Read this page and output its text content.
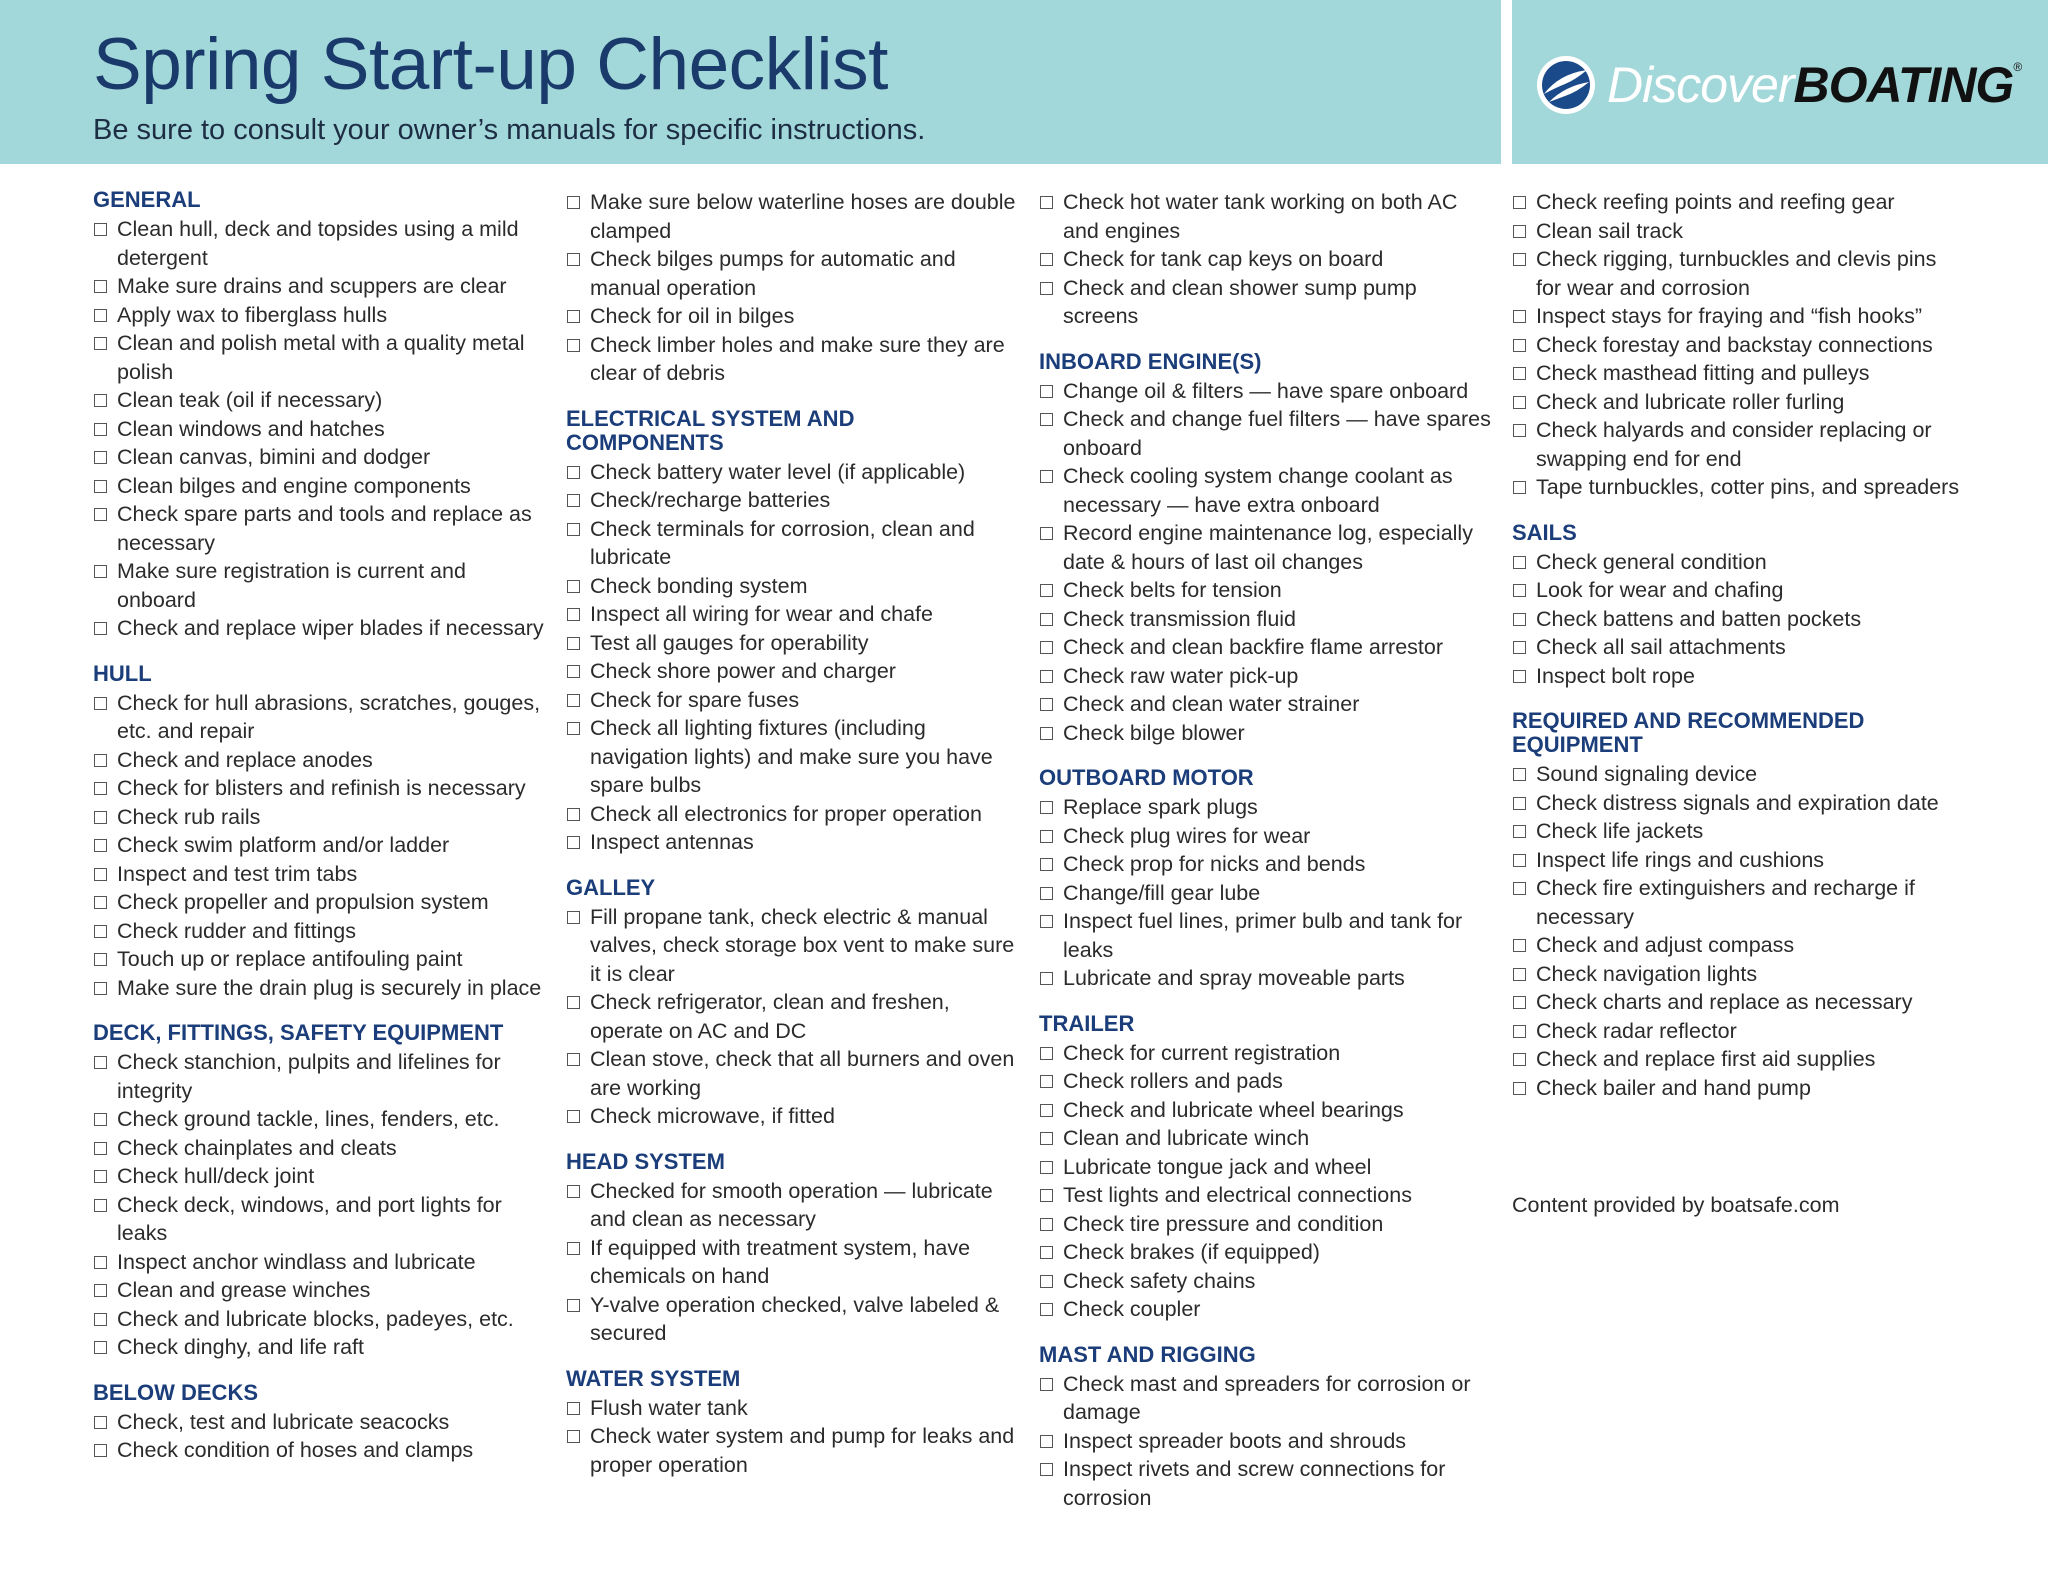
Spring Start-up Checklist

Be sure to consult your owner’s manuals for specific instructions.

Discover BOATING ®
GENERAL
Clean hull, deck and topsides using a mild detergent
Make sure drains and scuppers are clear
Apply wax to fiberglass hulls
Clean and polish metal with a quality metal polish
Clean teak (oil if necessary)
Clean windows and hatches
Clean canvas, bimini and dodger
Clean bilges and engine components
Check spare parts and tools and replace as necessary
Make sure registration is current and onboard
Check and replace wiper blades if necessary
HULL
Check for hull abrasions, scratches, gouges, etc. and repair
Check and replace anodes
Check for blisters and refinish is necessary
Check rub rails
Check swim platform and/or ladder
Inspect and test trim tabs
Check propeller and propulsion system
Check rudder and fittings
Touch up or replace antifouling paint
Make sure the drain plug is securely in place
DECK, FITTINGS, SAFETY EQUIPMENT
Check stanchion, pulpits and lifelines for integrity
Check ground tackle, lines, fenders, etc.
Check chainplates and cleats
Check hull/deck joint
Check deck, windows, and port lights for leaks
Inspect anchor windlass and lubricate
Clean and grease winches
Check and lubricate blocks, padeyes, etc.
Check dinghy, and life raft
BELOW DECKS
Check, test and lubricate seacocks
Check condition of hoses and clamps
Make sure below waterline hoses are double clamped
Check bilges pumps for automatic and manual operation
Check for oil in bilges
Check limber holes and make sure they are clear of debris
ELECTRICAL SYSTEM AND COMPONENTS
Check battery water level (if applicable)
Check/recharge batteries
Check terminals for corrosion, clean and lubricate
Check bonding system
Inspect all wiring for wear and chafe
Test all gauges for operability
Check shore power and charger
Check for spare fuses
Check all lighting fixtures (including navigation lights) and make sure you have spare bulbs
Check all electronics for proper operation
Inspect antennas
GALLEY
Fill propane tank, check electric & manual valves, check storage box vent to make sure it is clear
Check refrigerator, clean and freshen, operate on AC and DC
Clean stove, check that all burners and oven are working
Check microwave, if fitted
HEAD SYSTEM
Checked for smooth operation — lubricate and clean as necessary
If equipped with treatment system, have chemicals on hand
Y-valve operation checked, valve labeled & secured
WATER SYSTEM
Flush water tank
Check water system and pump for leaks and proper operation
Check hot water tank working on both AC and engines
Check for tank cap keys on board
Check and clean shower sump pump screens
INBOARD ENGINE(S)
Change oil & filters — have spare onboard
Check and change fuel filters — have spares onboard
Check cooling system change coolant as necessary — have extra onboard
Record engine maintenance log, especially date & hours of last oil changes
Check belts for tension
Check transmission fluid
Check and clean backfire flame arrestor
Check raw water pick-up
Check and clean water strainer
Check bilge blower
OUTBOARD MOTOR
Replace spark plugs
Check plug wires for wear
Check prop for nicks and bends
Change/fill gear lube
Inspect fuel lines, primer bulb and tank for leaks
Lubricate and spray moveable parts
TRAILER
Check for current registration
Check rollers and pads
Check and lubricate wheel bearings
Clean and lubricate winch
Lubricate tongue jack and wheel
Test lights and electrical connections
Check tire pressure and condition
Check brakes (if equipped)
Check safety chains
Check coupler
MAST AND RIGGING
Check mast and spreaders for corrosion or damage
Inspect spreader boots and shrouds
Inspect rivets and screw connections for corrosion
Check reefing points and reefing gear
Clean sail track
Check rigging, turnbuckles and clevis pins for wear and corrosion
Inspect stays for fraying and “fish hooks”
Check forestay and backstay connections
Check masthead fitting and pulleys
Check and lubricate roller furling
Check halyards and consider replacing or swapping end for end
Tape turnbuckles, cotter pins, and spreaders
SAILS
Check general condition
Look for wear and chafing
Check battens and batten pockets
Check all sail attachments
Inspect bolt rope
REQUIRED AND RECOMMENDED EQUIPMENT
Sound signaling device
Check distress signals and expiration date
Check life jackets
Inspect life rings and cushions
Check fire extinguishers and recharge if necessary
Check and adjust compass
Check navigation lights
Check charts and replace as necessary
Check radar reflector
Check and replace first aid supplies
Check bailer and hand pump
Content provided by boatsafe.com
